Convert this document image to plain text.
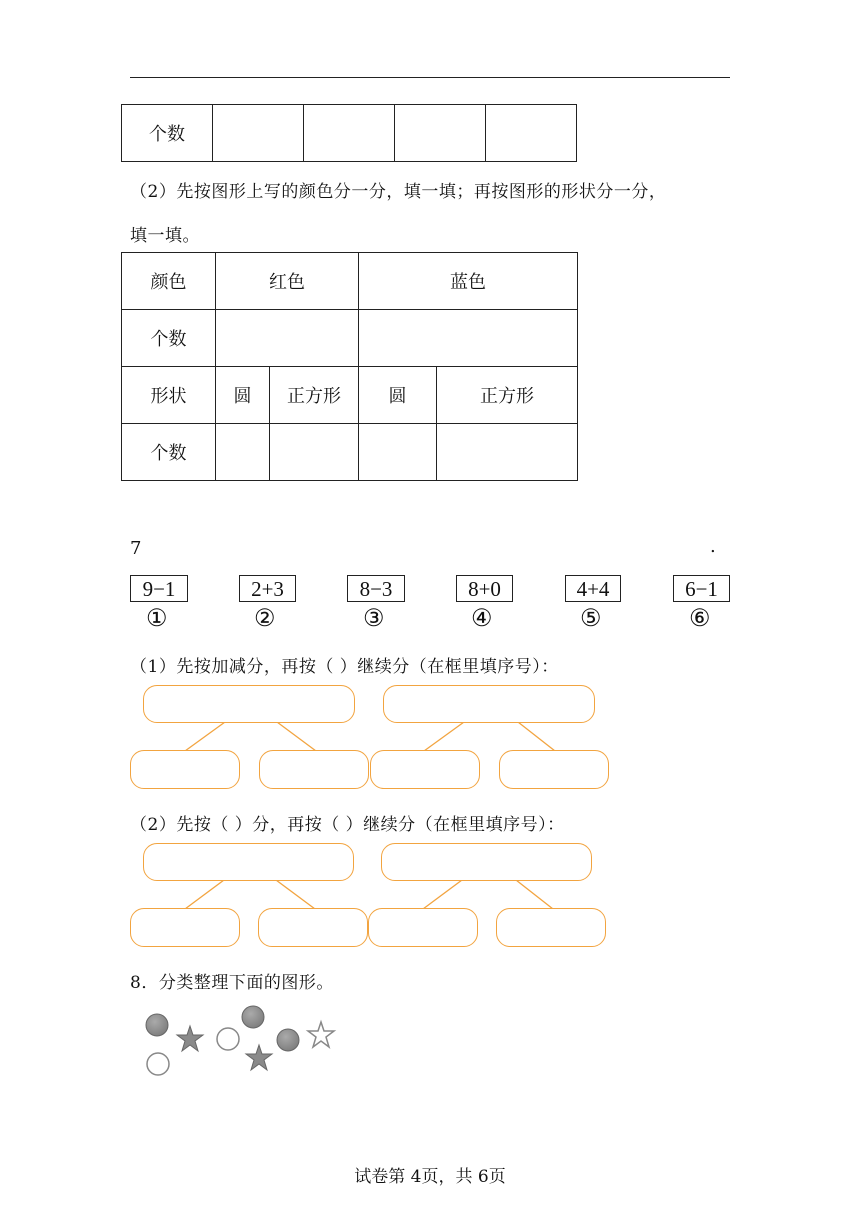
个数				
（2）先按图形上写的颜色分一分，填一填；再按图形的形状分一分，
填一填。
颜色	红色		蓝色	
个数				
形状	圆	正方形	圆	正方形
个数				
7	.
9−1	2+3	8−3	8+0	4+4	6−1
①	②	③	④	⑤	⑥
（1）先按加减分，再按（ ）继续分（在框里填序号）：
（2）先按（ ）分，再按（ ）继续分（在框里填序号）：
8．分类整理下面的图形。
试卷第 4页，共 6页
